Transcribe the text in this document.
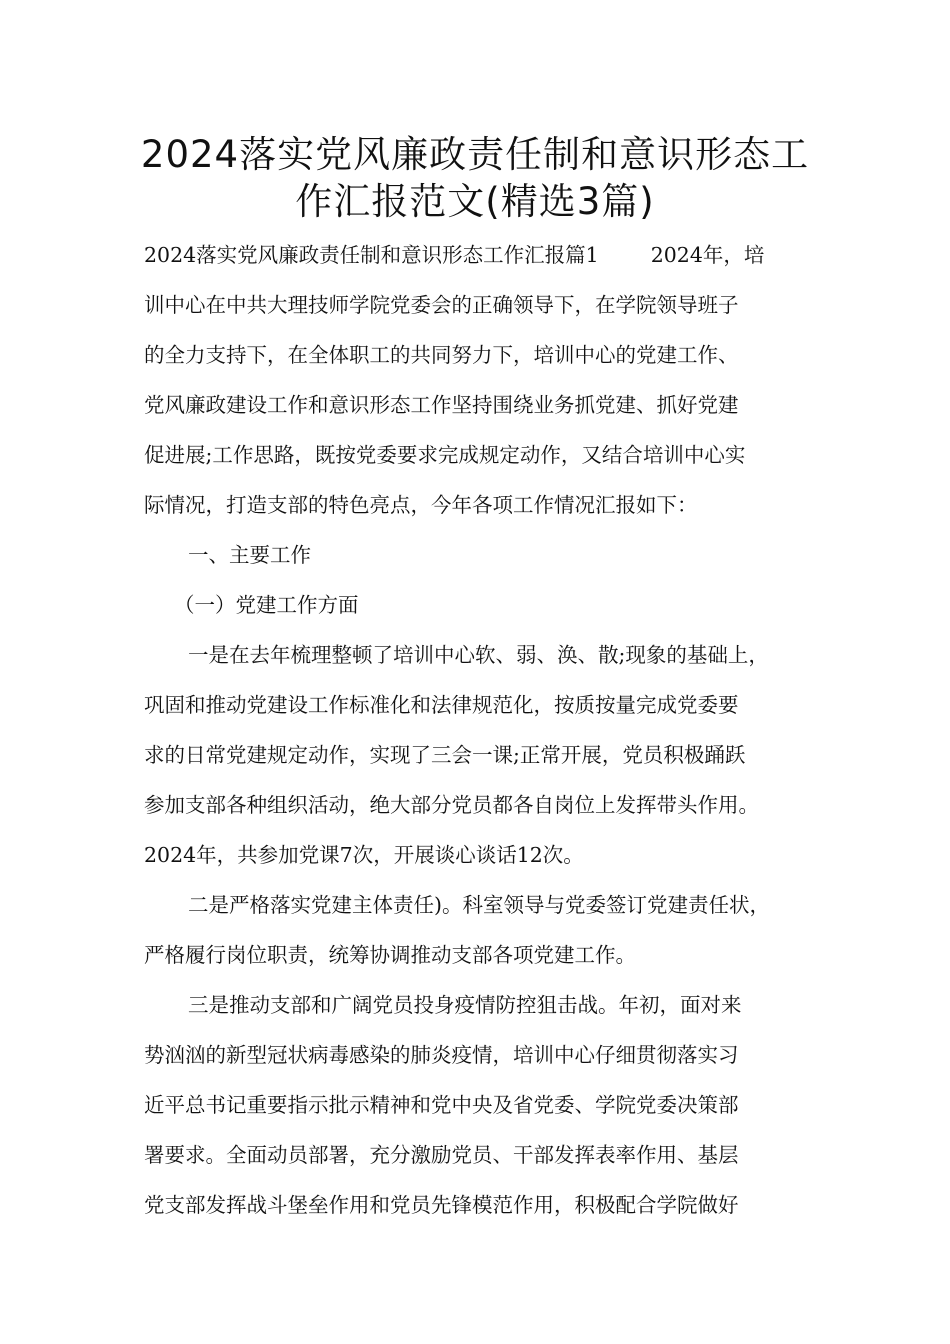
2024落实党风廉政责任制和意识形态工
作汇报范文(精选3篇)
2024落实党风廉政责任制和意识形态工作汇报篇1	2024年，培
训中心在中共大理技师学院党委会的正确领导下，在学院领导班子
的全力支持下，在全体职工的共同努力下，培训中心的党建工作、
党风廉政建设工作和意识形态工作坚持围绕业务抓党建、抓好党建
促进展;工作思路，既按党委要求完成规定动作，又结合培训中心实
际情况，打造支部的特色亮点，今年各项工作情况汇报如下：
一、主要工作
（一）党建工作方面
一是在去年梳理整顿了培训中心软、弱、涣、散;现象的基础上，
巩固和推动党建设工作标准化和法律规范化，按质按量完成党委要
求的日常党建规定动作，实现了三会一课;正常开展，党员积极踊跃
参加支部各种组织活动，绝大部分党员都各自岗位上发挥带头作用。
2024年，共参加党课7次，开展谈心谈话12次。
二是严格落实党建主体责任)。科室领导与党委签订党建责任状，
严格履行岗位职责，统筹协调推动支部各项党建工作。
三是推动支部和广阔党员投身疫情防控狙击战。年初，面对来
势汹汹的新型冠状病毒感染的肺炎疫情，培训中心仔细贯彻落实习
近平总书记重要指示批示精神和党中央及省党委、学院党委决策部
署要求。全面动员部署，充分激励党员、干部发挥表率作用、基层
党支部发挥战斗堡垒作用和党员先锋模范作用，积极配合学院做好
